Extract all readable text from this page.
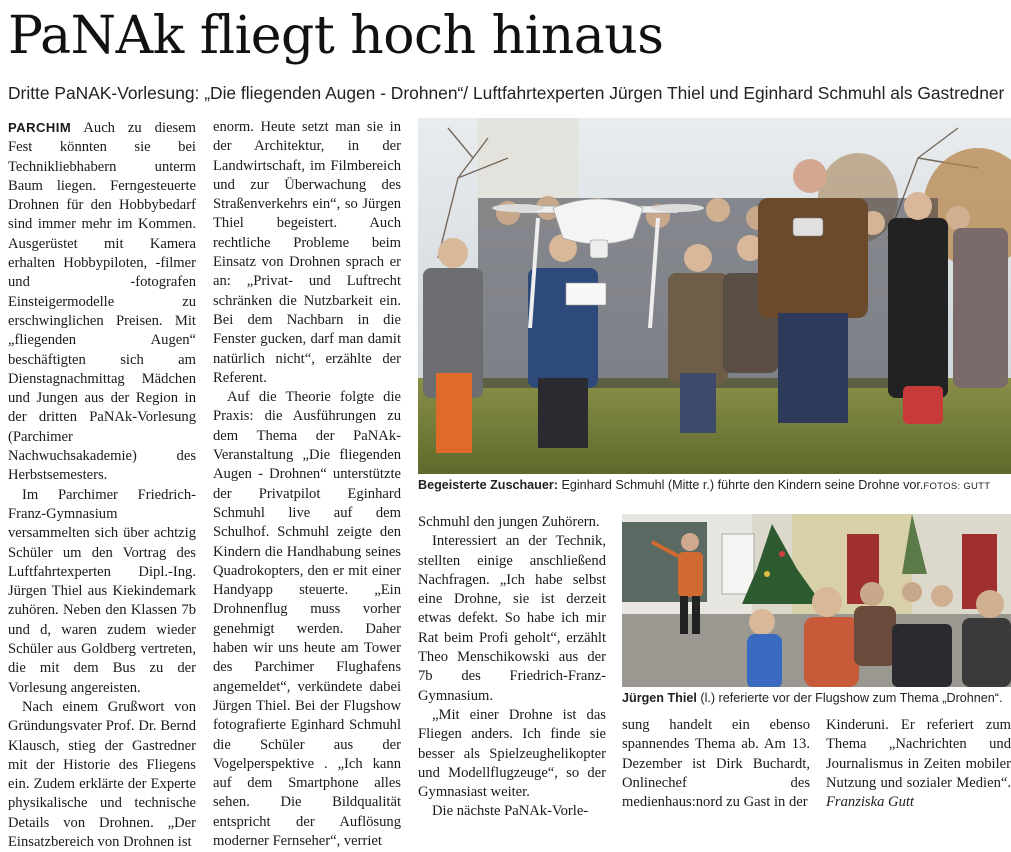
PaNAk fliegt hoch hinaus
Dritte PaNAK-Vorlesung: „Die fliegenden Augen - Drohnen“/ Luftfahrtexperten Jürgen Thiel und Eginhard Schmuhl als Gastredner

PARCHIM Auch zu diesem Fest könnten sie bei Technikliebhabern unterm Baum liegen. Ferngesteuerte Drohnen für den Hobbybedarf sind immer mehr im Kommen. Ausgerüstet mit Kamera erhalten Hobbypiloten, -filmer und -fotografen Einsteigermodelle zu erschwinglichen Preisen. Mit „fliegenden Augen“ beschäftigten sich am Dienstagnachmittag Mädchen und Jungen aus der Region in der dritten PaNAk-Vorlesung (Parchimer Nachwuchsakademie) des Herbstsemesters.

Im Parchimer Friedrich-Franz-Gymnasium versammelten sich über achtzig Schüler um den Vortrag des Luftfahrtexperten Dipl.-Ing. Jürgen Thiel aus Kiekindemark zuhören. Neben den Klassen 7b und d, waren zudem wieder Schüler aus Goldberg vertreten, die mit dem Bus zu der Vorlesung angereisten.

Nach einem Grußwort von Gründungsvater Prof. Dr. Bernd Klausch, stieg der Gastredner mit der Historie des Fliegens ein. Zudem erklärte der Experte physikalische und technische Details von Drohnen. „Der Einsatzbereich von Drohnen ist

enorm. Heute setzt man sie in der Architektur, in der Landwirtschaft, im Filmbereich und zur Überwachung des Straßenverkehrs ein“, so Jürgen Thiel begeistert. Auch rechtliche Probleme beim Einsatz von Drohnen sprach er an: „Privat- und Luftrecht schränken die Nutzbarkeit ein. Bei dem Nachbarn in die Fenster gucken, darf man damit natürlich nicht“, erzählte der Referent.

Auf die Theorie folgte die Praxis: die Ausführungen zu dem Thema der PaNAk-Veranstaltung „Die fliegenden Augen - Drohnen“ unterstützte der Privatpilot Eginhard Schmuhl live auf dem Schulhof. Schmuhl zeigte den Kindern die Handhabung seines Quadrokopters, den er mit einer Handyapp steuerte. „Ein Drohnenflug muss vorher genehmigt werden. Daher haben wir uns heute am Tower des Parchimer Flughafens angemeldet“, verkündete dabei Jürgen Thiel. Bei der Flugshow fotografierte Eginhard Schmuhl die Schüler aus der Vogelperspektive . „Ich kann auf dem Smartphone alles sehen. Die Bildqualität entspricht der Auflösung moderner Fernseher“, verriet

Begeisterte Zuschauer: Eginhard Schmuhl (Mitte r.) führte den Kindern seine Drohne vor.FOTOS: GUTT

Schmuhl den jungen Zuhörern.

Interessiert an der Technik, stellten einige anschließend Nachfragen. „Ich habe selbst eine Drohne, sie ist derzeit etwas defekt. So habe ich mir Rat beim Profi geholt“, erzählt Theo Menschikowski aus der 7b des Friedrich-Franz-Gymnasium.

„Mit einer Drohne ist das Fliegen anders. Ich finde sie besser als Spielzeughelikopter und Modellflugzeuge“, so der Gymnasiast weiter.

Die nächste PaNAk-Vorle-

Jürgen Thiel (l.) referierte vor der Flugshow zum Thema „Drohnen“.

sung handelt ein ebenso spannendes Thema ab. Am 13. Dezember ist Dirk Buchardt, Onlinechef des medienhaus:nord zu Gast in der

Kinderuni. Er referiert zum Thema „Nachrichten und Journalismus in Zeiten mobiler Nutzung und sozialer Medien“. Franziska Gutt
